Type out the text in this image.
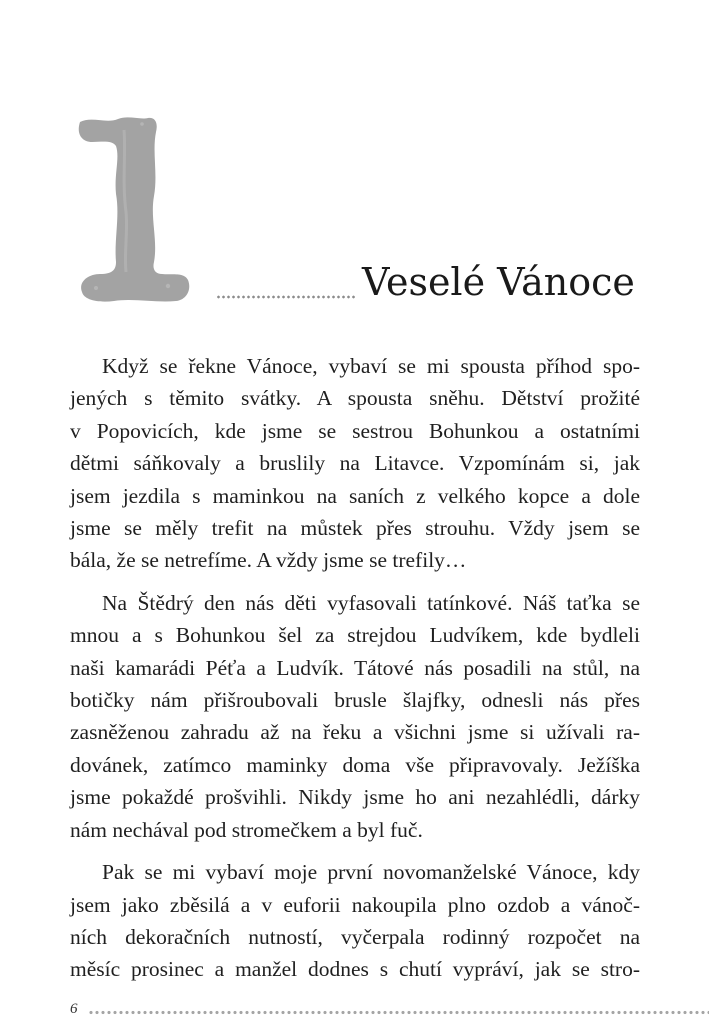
Veselé Vánoce

Když se řekne Vánoce, vybaví se mi spousta příhod spo-
jených s těmito svátky. A spousta sněhu. Dětství prožité
v Popovicích, kde jsme se sestrou Bohunkou a ostatními
dětmi sáňkovaly a bruslily na Litavce. Vzpomínám si, jak
jsem jezdila s maminkou na saních z velkého kopce a dole
jsme se měly trefit na můstek přes strouhu. Vždy jsem se
bála, že se netrefíme. A vždy jsme se trefily…

Na Štědrý den nás děti vyfasovali tatínkové. Náš taťka se
mnou a s Bohunkou šel za strejdou Ludvíkem, kde bydleli
naši kamarádi Péťa a Ludvík. Tátové nás posadili na stůl, na
botičky nám přišroubovali brusle šlajfky, odnesli nás přes
zasněženou zahradu až na řeku a všichni jsme si užívali ra-
dovánek, zatímco maminky doma vše připravovaly. Ježíška
jsme pokaždé prošvihli. Nikdy jsme ho ani nezahlédli, dárky
nám nechával pod stromečkem a byl fuč.

Pak se mi vybaví moje první novomanželské Vánoce, kdy
jsem jako zběsilá a v euforii nakoupila plno ozdob a vánoč-
ních dekoračních nutností, vyčerpala rodinný rozpočet na
měsíc prosinec a manžel dodnes s chutí vypráví, jak se stro-

6
